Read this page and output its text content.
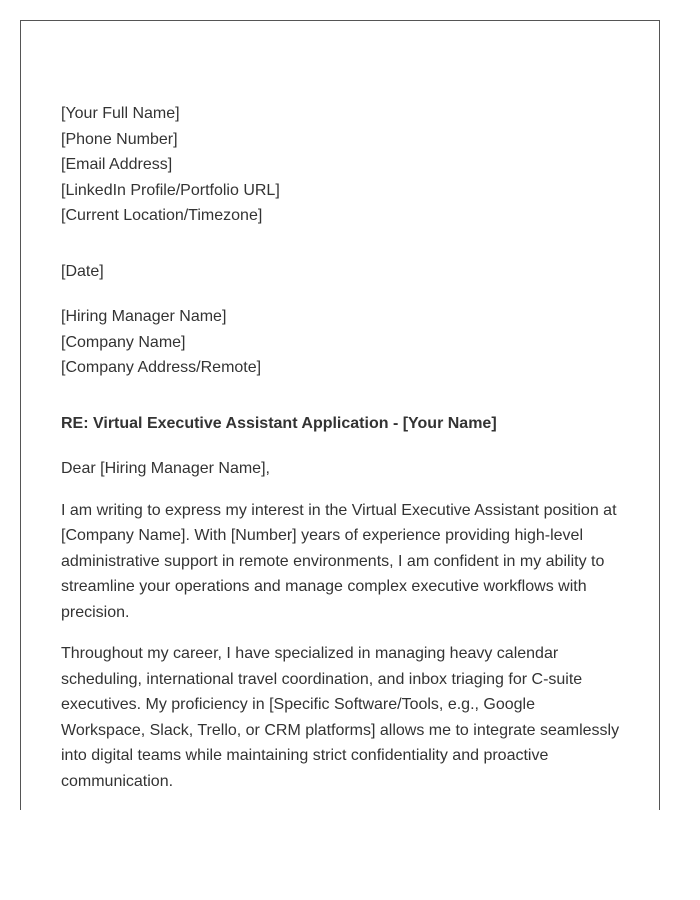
[Your Full Name]
[Phone Number]
[Email Address]
[LinkedIn Profile/Portfolio URL]
[Current Location/Timezone]
[Date]
[Hiring Manager Name]
[Company Name]
[Company Address/Remote]
RE: Virtual Executive Assistant Application - [Your Name]
Dear [Hiring Manager Name],
I am writing to express my interest in the Virtual Executive Assistant position at
[Company Name]. With [Number] years of experience providing high-level
administrative support in remote environments, I am confident in my ability to
streamline your operations and manage complex executive workflows with
precision.
Throughout my career, I have specialized in managing heavy calendar
scheduling, international travel coordination, and inbox triaging for C-suite
executives. My proficiency in [Specific Software/Tools, e.g., Google
Workspace, Slack, Trello, or CRM platforms] allows me to integrate seamlessly
into digital teams while maintaining strict confidentiality and proactive
communication.
